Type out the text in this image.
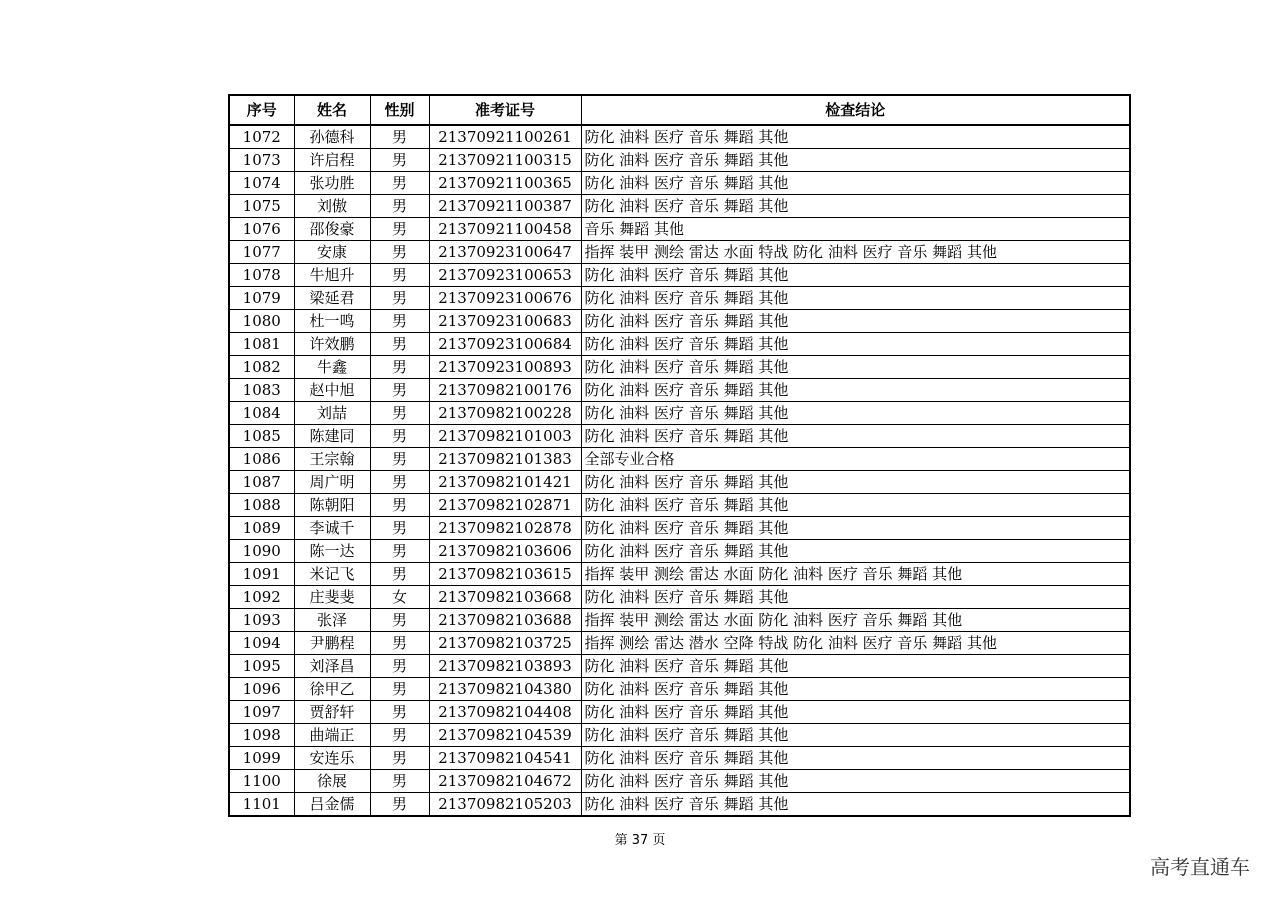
序号	姓名	性别	准考证号	检查结论
1072	孙德科	男	21370921100261	防化 油料 医疗 音乐 舞蹈 其他
1073	许启程	男	21370921100315	防化 油料 医疗 音乐 舞蹈 其他
1074	张功胜	男	21370921100365	防化 油料 医疗 音乐 舞蹈 其他
1075	刘傲	男	21370921100387	防化 油料 医疗 音乐 舞蹈 其他
1076	邵俊豪	男	21370921100458	音乐 舞蹈 其他
1077	安康	男	21370923100647	指挥 装甲 测绘 雷达 水面 特战 防化 油料 医疗 音乐 舞蹈 其他
1078	牛旭升	男	21370923100653	防化 油料 医疗 音乐 舞蹈 其他
1079	梁延君	男	21370923100676	防化 油料 医疗 音乐 舞蹈 其他
1080	杜一鸣	男	21370923100683	防化 油料 医疗 音乐 舞蹈 其他
1081	许效鹏	男	21370923100684	防化 油料 医疗 音乐 舞蹈 其他
1082	牛鑫	男	21370923100893	防化 油料 医疗 音乐 舞蹈 其他
1083	赵中旭	男	21370982100176	防化 油料 医疗 音乐 舞蹈 其他
1084	刘喆	男	21370982100228	防化 油料 医疗 音乐 舞蹈 其他
1085	陈建同	男	21370982101003	防化 油料 医疗 音乐 舞蹈 其他
1086	王宗翰	男	21370982101383	全部专业合格
1087	周广明	男	21370982101421	防化 油料 医疗 音乐 舞蹈 其他
1088	陈朝阳	男	21370982102871	防化 油料 医疗 音乐 舞蹈 其他
1089	李诚千	男	21370982102878	防化 油料 医疗 音乐 舞蹈 其他
1090	陈一达	男	21370982103606	防化 油料 医疗 音乐 舞蹈 其他
1091	米记飞	男	21370982103615	指挥 装甲 测绘 雷达 水面 防化 油料 医疗 音乐 舞蹈 其他
1092	庄斐斐	女	21370982103668	防化 油料 医疗 音乐 舞蹈 其他
1093	张泽	男	21370982103688	指挥 装甲 测绘 雷达 水面 防化 油料 医疗 音乐 舞蹈 其他
1094	尹鹏程	男	21370982103725	指挥 测绘 雷达 潜水 空降 特战 防化 油料 医疗 音乐 舞蹈 其他
1095	刘泽昌	男	21370982103893	防化 油料 医疗 音乐 舞蹈 其他
1096	徐甲乙	男	21370982104380	防化 油料 医疗 音乐 舞蹈 其他
1097	贾舒轩	男	21370982104408	防化 油料 医疗 音乐 舞蹈 其他
1098	曲端正	男	21370982104539	防化 油料 医疗 音乐 舞蹈 其他
1099	安连乐	男	21370982104541	防化 油料 医疗 音乐 舞蹈 其他
1100	徐展	男	21370982104672	防化 油料 医疗 音乐 舞蹈 其他
1101	吕金儒	男	21370982105203	防化 油料 医疗 音乐 舞蹈 其他
第 37 页
高考直通车
